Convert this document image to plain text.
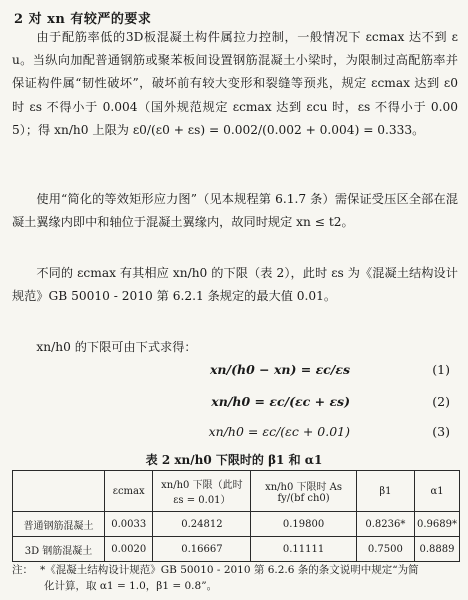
2 对 xn 有较严的要求
由于配筋率低的3D板混凝土构件属拉力控制，一般情况下 εcmax 达不到 εu。当纵向加配普通钢筋或聚苯板间设置钢筋混凝土小梁时，为限制过高配筋率并保证构件属“韧性破坏”，破坏前有较大变形和裂缝等预兆，规定 εcmax 达到 ε0 时 εs 不得小于 0.004（国外规范规定 εcmax 达到 εcu 时，εs 不得小于 0.005）；得 xn/h0 上限为 ε0/(ε0 + εs) = 0.002/(0.002 + 0.004) = 0.333。
使用“简化的等效矩形应力图”（见本规程第 6.1.7 条）需保证受压区全部在混凝土翼缘内即中和轴位于混凝土翼缘内，故同时规定 xn ≤ t2。
不同的 εcmax 有其相应 xn/h0 的下限（表 2），此时 εs 为《混凝土结构设计规范》GB 50010 - 2010 第 6.2.1 条规定的最大值 0.01。
xn/h0 的下限可由下式求得：
xn/(h0 − xn) = εc/εs	(1)
xn/h0 = εc/(εc + εs)	(2)
xn/h0 = εc/(εc + 0.01)	(3)
表 2 xn/h0 下限时的 β1 和 α1
	εcmax	xn/h0 下限（此时 εs = 0.01）	xn/h0 下限时 As fy/(bf ch0)	β1	α1
普通钢筋混凝土	0.0033	0.24812	0.19800	0.8236*	0.9689*
3D 钢筋混凝土	0.0020	0.16667	0.11111	0.7500	0.8889
注： *《混凝土结构设计规范》GB 50010 - 2010 第 6.2.6 条的条文说明中规定“为简
化计算，取 α1 = 1.0，β1 = 0.8”。
